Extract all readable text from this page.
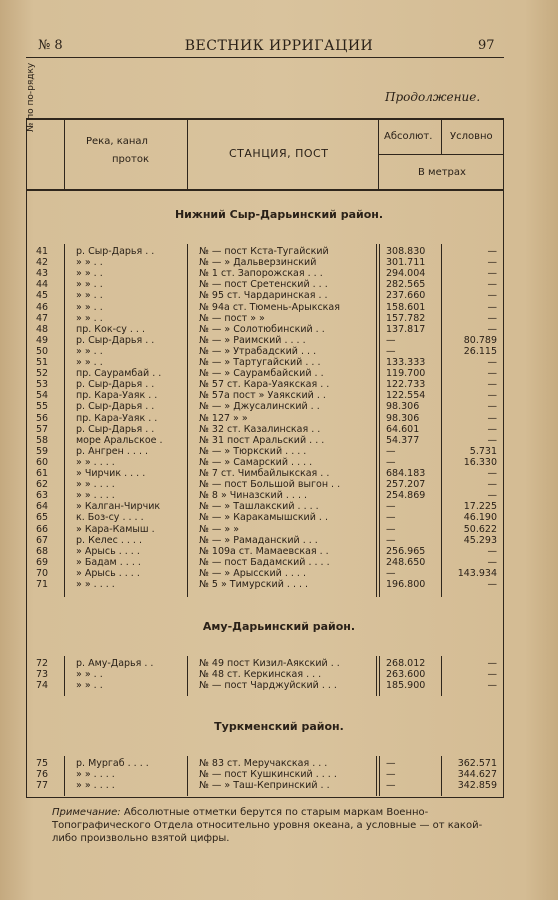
№ 8	ВЕСТНИК ИРРИГАЦИИ	97
Продолжение.
№ по по-рядку
Река, канал
проток	СТАНЦИЯ, ПОСТ
Абсолют. Условно
В метрах
Нижний Сыр-Дарьинский район.
Аму-Дарьинский район.
Туркменский район.
41	р. Сыр-Дарья . .	№ — пост Кста-Тугайский	308.830	—
42	» » . .	№ — » Дальверзинский	301.711	—
43	» » . .	№ 1 ст. Запорожская . . .	294.004	—
44	» » . .	№ — пост Сретенский . . .	282.565	—
45	» » . .	№ 95 ст. Чардаринская . .	237.660	—
46	» » . .	№ 94а ст. Тюмень-Арыкская	158.601	—
47	» » . .	№ — пост » »	157.782	—
48	пр. Кок-су . . .	№ — » Солотюбинский . .	137.817	—
49	р. Сыр-Дарья . .	№ — » Раимский . . . .	—	80.789
50	» » . .	№ — » Утрабадский . . .	—	26.115
51	» » . .	№ — » Тартугайский . . .	133.333	—
52	пр. Саурамбай . .	№ — » Саурамбайский . .	119.700	—
53	р. Сыр-Дарья . .	№ 57 ст. Кара-Уаякская . .	122.733	—
54	пр. Кара-Уаяк . .	№ 57а пост » Уаякский . .	122.554	—
55	р. Сыр-Дарья . .	№ — » Джусалинский . .	98.306	—
56	пр. Кара-Уаяк . .	№ 127 » »	98.306	—
57	р. Сыр-Дарья . .	№ 32 ст. Казалинская . .	64.601	—
58	море Аральское .	№ 31 пост Аральский . . .	54.377	—
59	р. Ангрен . . . .	№ — » Тюркский . . . .	—	5.731
60	» » . . . .	№ — » Самарский . . . .	—	16.330
61	» Чирчик . . . .	№ 7 ст. Чимбайлыкская . .	684.183	—
62	» » . . . .	№ — пост Большой выгон . .	257.207	—
63	» » . . . .	№ 8 » Чиназский . . . .	254.869	—
64	» Калган-Чирчик	№ — » Ташлакский . . . .	—	17.225
65	к. Боз-су . . . .	№ — » Каракамышский . .	—	46.190
66	» Кара-Камыш .	№ — » »	—	50.622
67	р. Келес . . . .	№ — » Рамаданский . . .	—	45.293
68	» Арысь . . . .	№ 109а ст. Мамаевская . .	256.965	—
69	» Бадам . . . .	№ — пост Бадамский . . . .	248.650	—
70	» Арысь . . . .	№ — » Арысский . . . .	—	143.934
71	» » . . . .	№ 5 » Тимурский . . . .	196.800	—
72	р. Аму-Дарья . .	№ 49 пост Кизил-Аякский . .	268.012	—
73	» » . .	№ 48 ст. Керкинская . . .	263.600	—
74	» » . .	№ — пост Чарджуйский . . .	185.900	—
75	р. Мургаб . . . .	№ 83 ст. Меручакская . . .	—	362.571
76	» » . . . .	№ — пост Кушкинский . . . .	—	344.627
77	» » . . . .	№ — » Таш-Кепринский . .	—	342.859
Примечание: Абсолютные отметки берутся по старым маркам Военно-Топографического Отдела относительно уровня океана, а условные — от какой-либо произвольно взятой цифры.
